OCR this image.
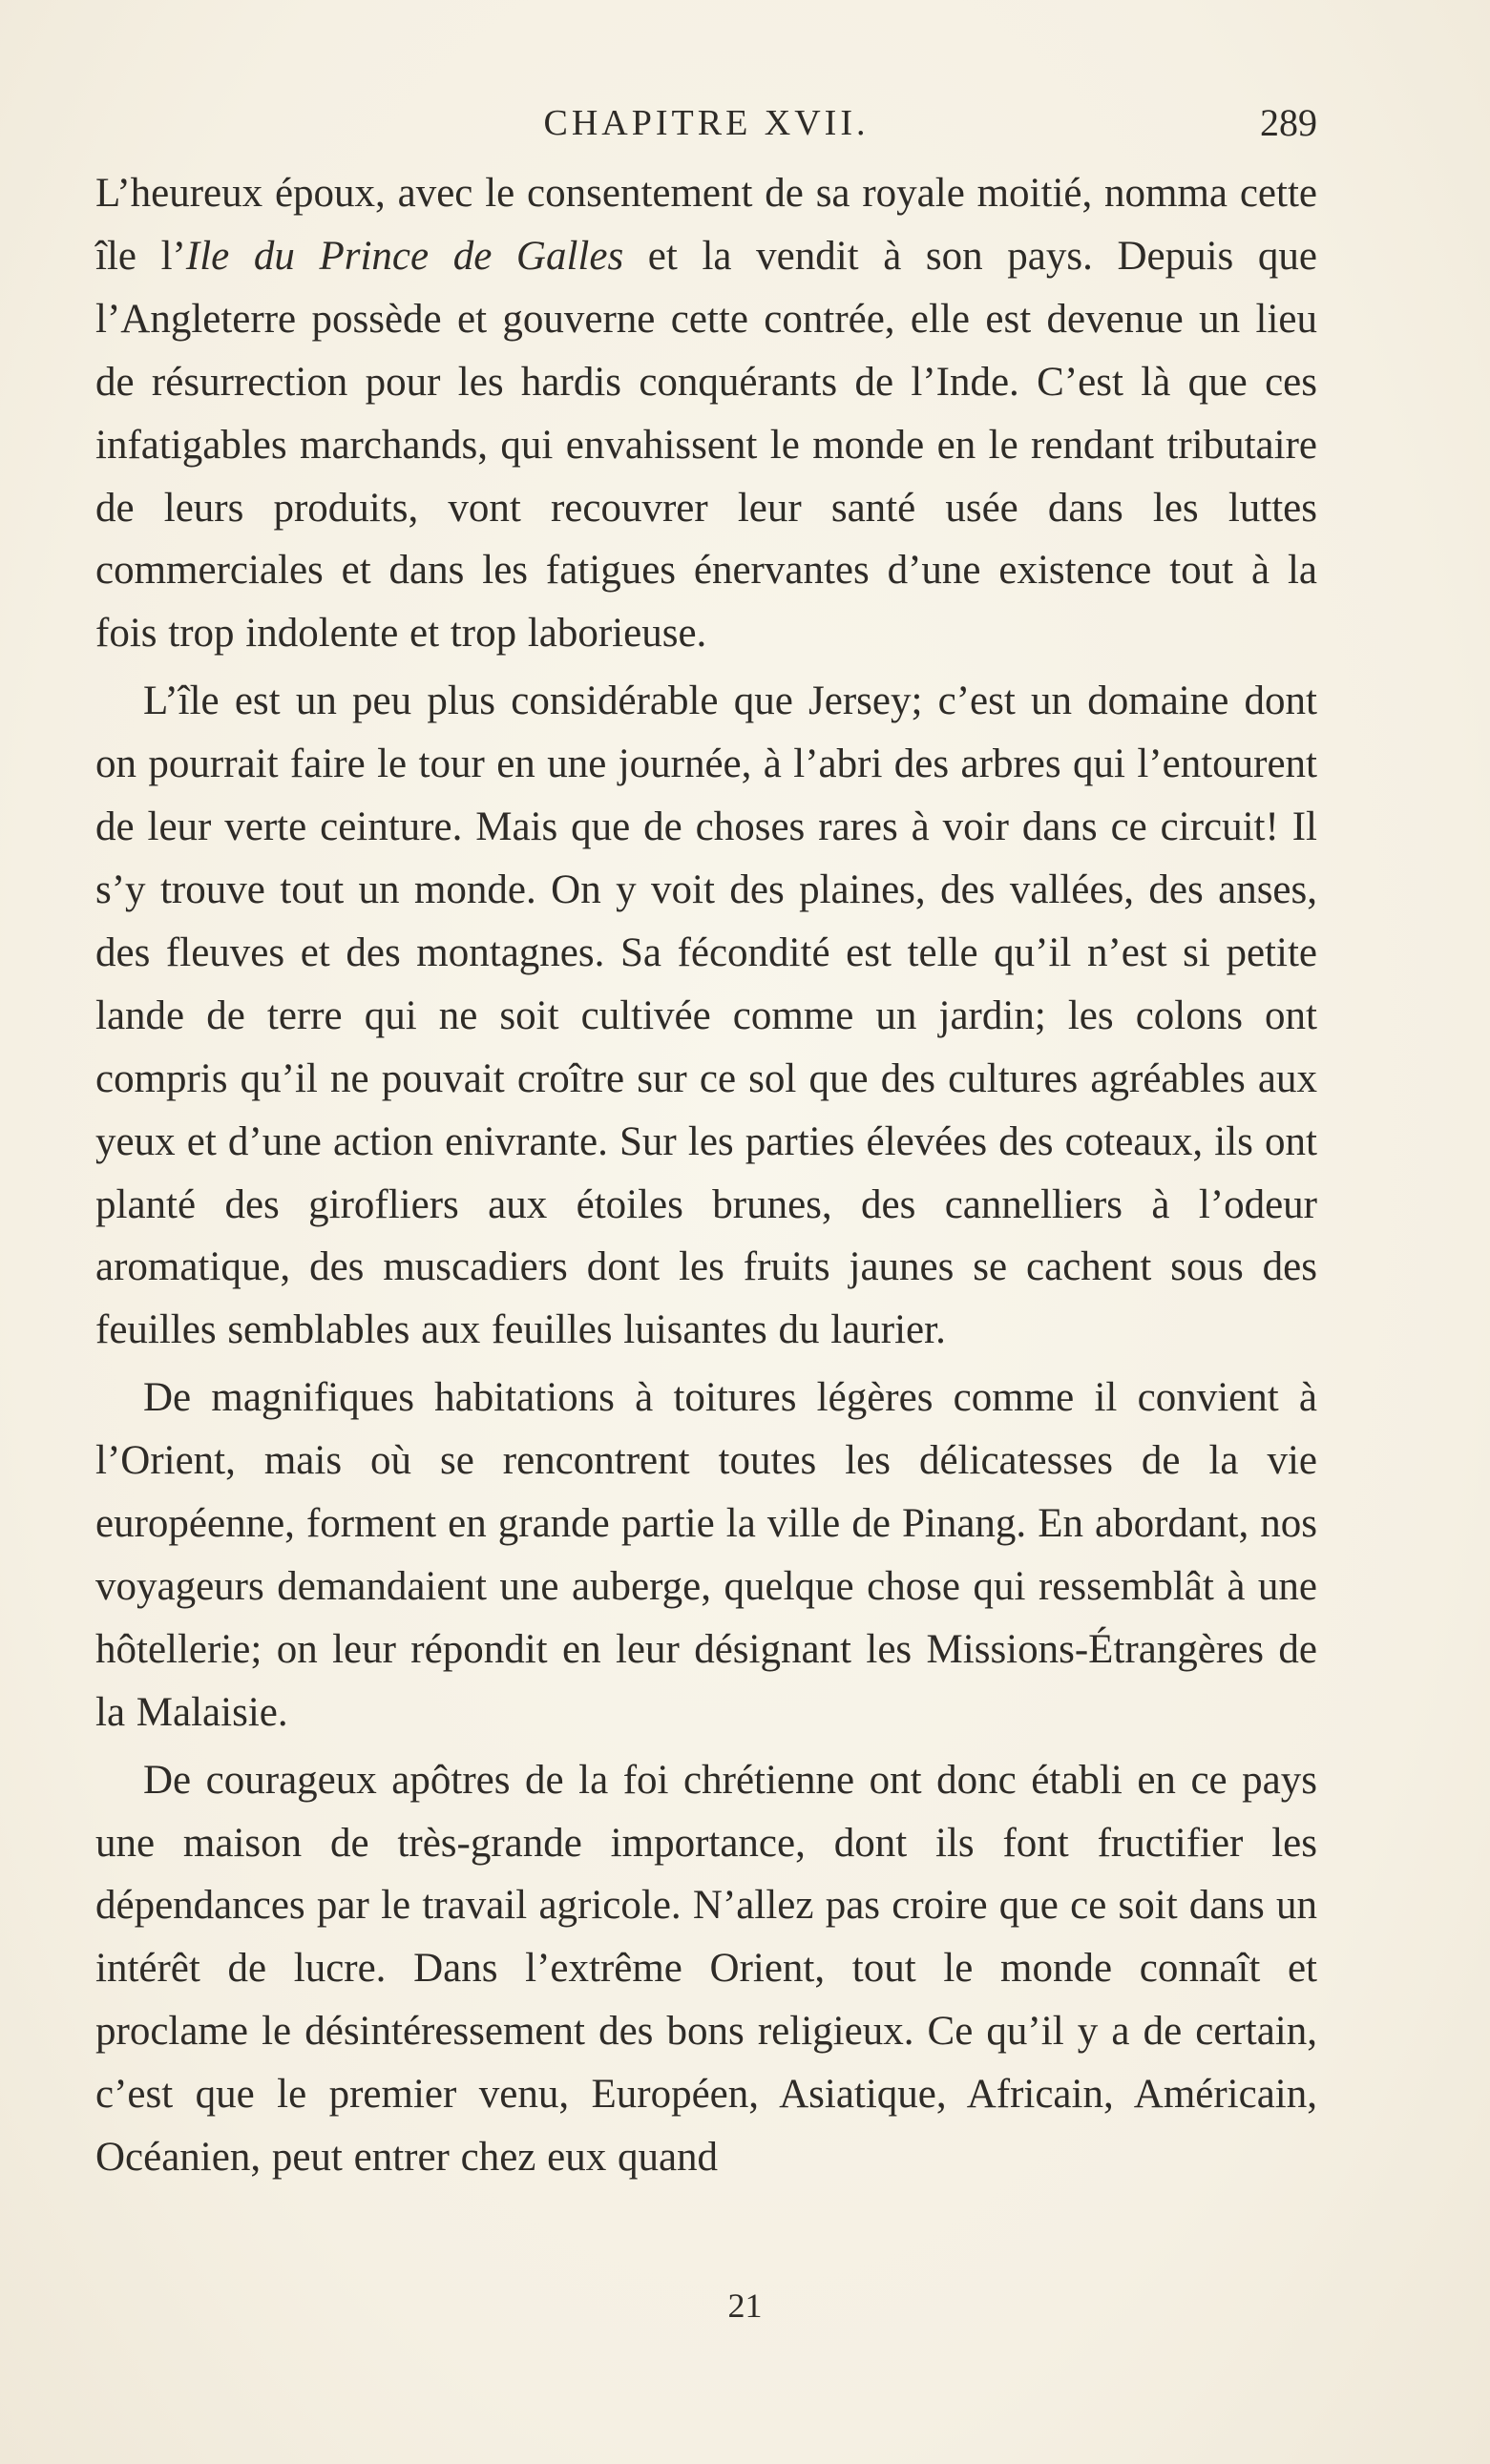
CHAPITRE XVII.	289

L’heureux époux, avec le consentement de sa royale moitié, nomma cette île l’Ile du Prince de Galles et la vendit à son pays. Depuis que l’Angleterre possède et gouverne cette contrée, elle est devenue un lieu de résurrection pour les hardis conquérants de l’Inde. C’est là que ces infatigables marchands, qui envahissent le monde en le rendant tributaire de leurs produits, vont recouvrer leur santé usée dans les luttes commerciales et dans les fatigues énervantes d’une existence tout à la fois trop indolente et trop laborieuse.

L’île est un peu plus considérable que Jersey; c’est un domaine dont on pourrait faire le tour en une journée, à l’abri des arbres qui l’entourent de leur verte ceinture. Mais que de choses rares à voir dans ce circuit! Il s’y trouve tout un monde. On y voit des plaines, des vallées, des anses, des fleuves et des montagnes. Sa fécondité est telle qu’il n’est si petite lande de terre qui ne soit cultivée comme un jardin; les colons ont compris qu’il ne pouvait croître sur ce sol que des cultures agréables aux yeux et d’une action enivrante. Sur les parties élevées des coteaux, ils ont planté des girofliers aux étoiles brunes, des cannelliers à l’odeur aromatique, des muscadiers dont les fruits jaunes se cachent sous des feuilles semblables aux feuilles luisantes du laurier.

De magnifiques habitations à toitures légères comme il convient à l’Orient, mais où se rencontrent toutes les délicatesses de la vie européenne, forment en grande partie la ville de Pinang. En abordant, nos voyageurs demandaient une auberge, quelque chose qui ressemblât à une hôtellerie; on leur répondit en leur désignant les Missions-Étrangères de la Malaisie.

De courageux apôtres de la foi chrétienne ont donc établi en ce pays une maison de très-grande importance, dont ils font fructifier les dépendances par le travail agricole. N’allez pas croire que ce soit dans un intérêt de lucre. Dans l’extrême Orient, tout le monde connaît et proclame le désintéressement des bons religieux. Ce qu’il y a de certain, c’est que le premier venu, Européen, Asiatique, Africain, Américain, Océanien, peut entrer chez eux quand

21
